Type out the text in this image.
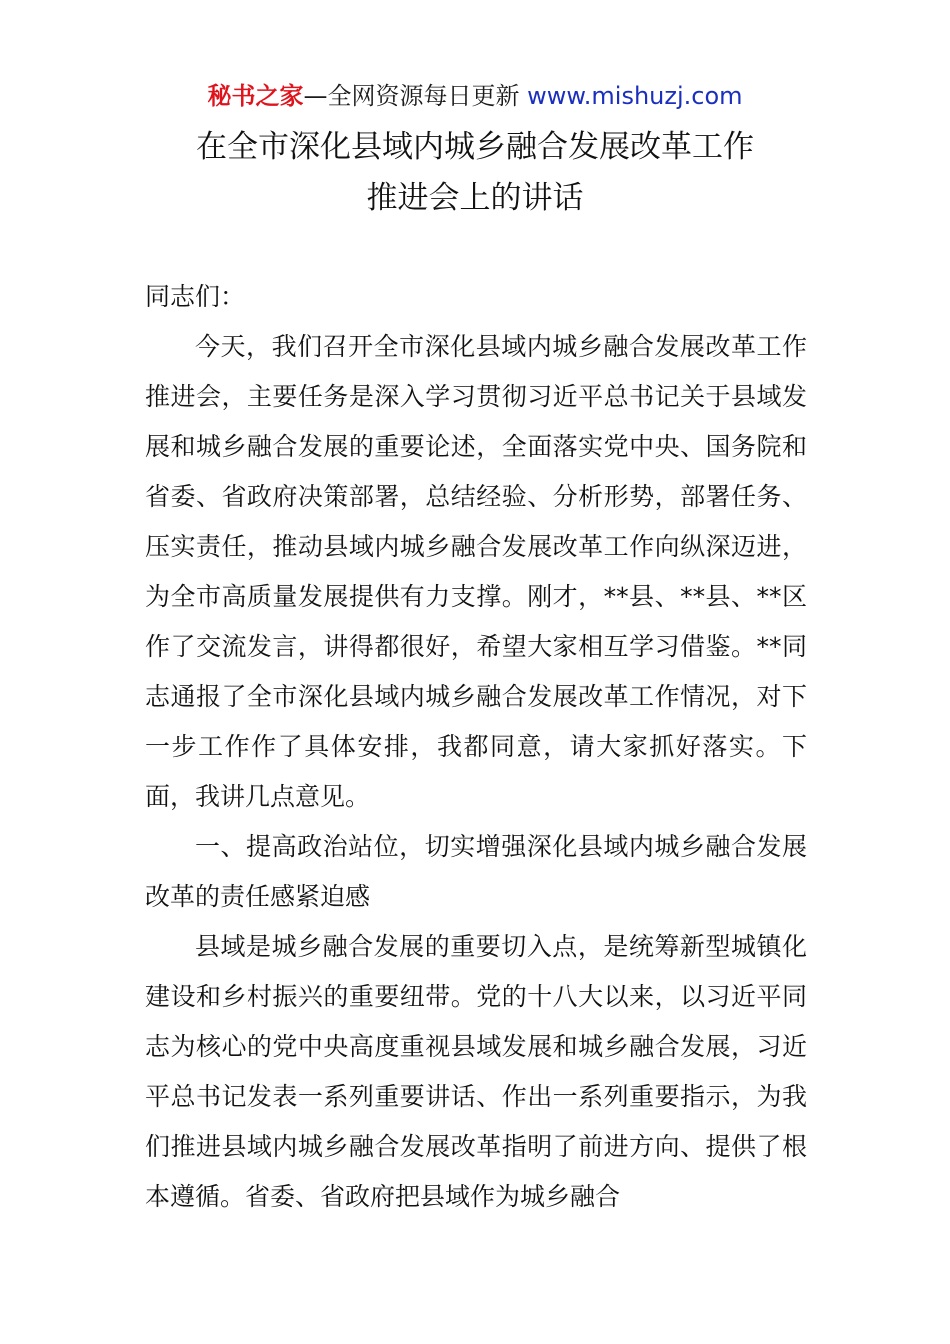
秘书之家—全网资源每日更新 www.mishuzj.com
在全市深化县域内城乡融合发展改革工作
推进会上的讲话

同志们：

今天，我们召开全市深化县域内城乡融合发展改革工作推进会，主要任务是深入学习贯彻习近平总书记关于县域发展和城乡融合发展的重要论述，全面落实党中央、国务院和省委、省政府决策部署，总结经验、分析形势，部署任务、压实责任，推动县域内城乡融合发展改革工作向纵深迈进，为全市高质量发展提供有力支撑。刚才，**县、**县、**区作了交流发言，讲得都很好，希望大家相互学习借鉴。**同志通报了全市深化县域内城乡融合发展改革工作情况，对下一步工作作了具体安排，我都同意，请大家抓好落实。下面，我讲几点意见。

一、提高政治站位，切实增强深化县域内城乡融合发展改革的责任感紧迫感

县域是城乡融合发展的重要切入点，是统筹新型城镇化建设和乡村振兴的重要纽带。党的十八大以来，以习近平同志为核心的党中央高度重视县域发展和城乡融合发展，习近平总书记发表一系列重要讲话、作出一系列重要指示，为我们推进县域内城乡融合发展改革指明了前进方向、提供了根本遵循。省委、省政府把县域作为城乡融合
